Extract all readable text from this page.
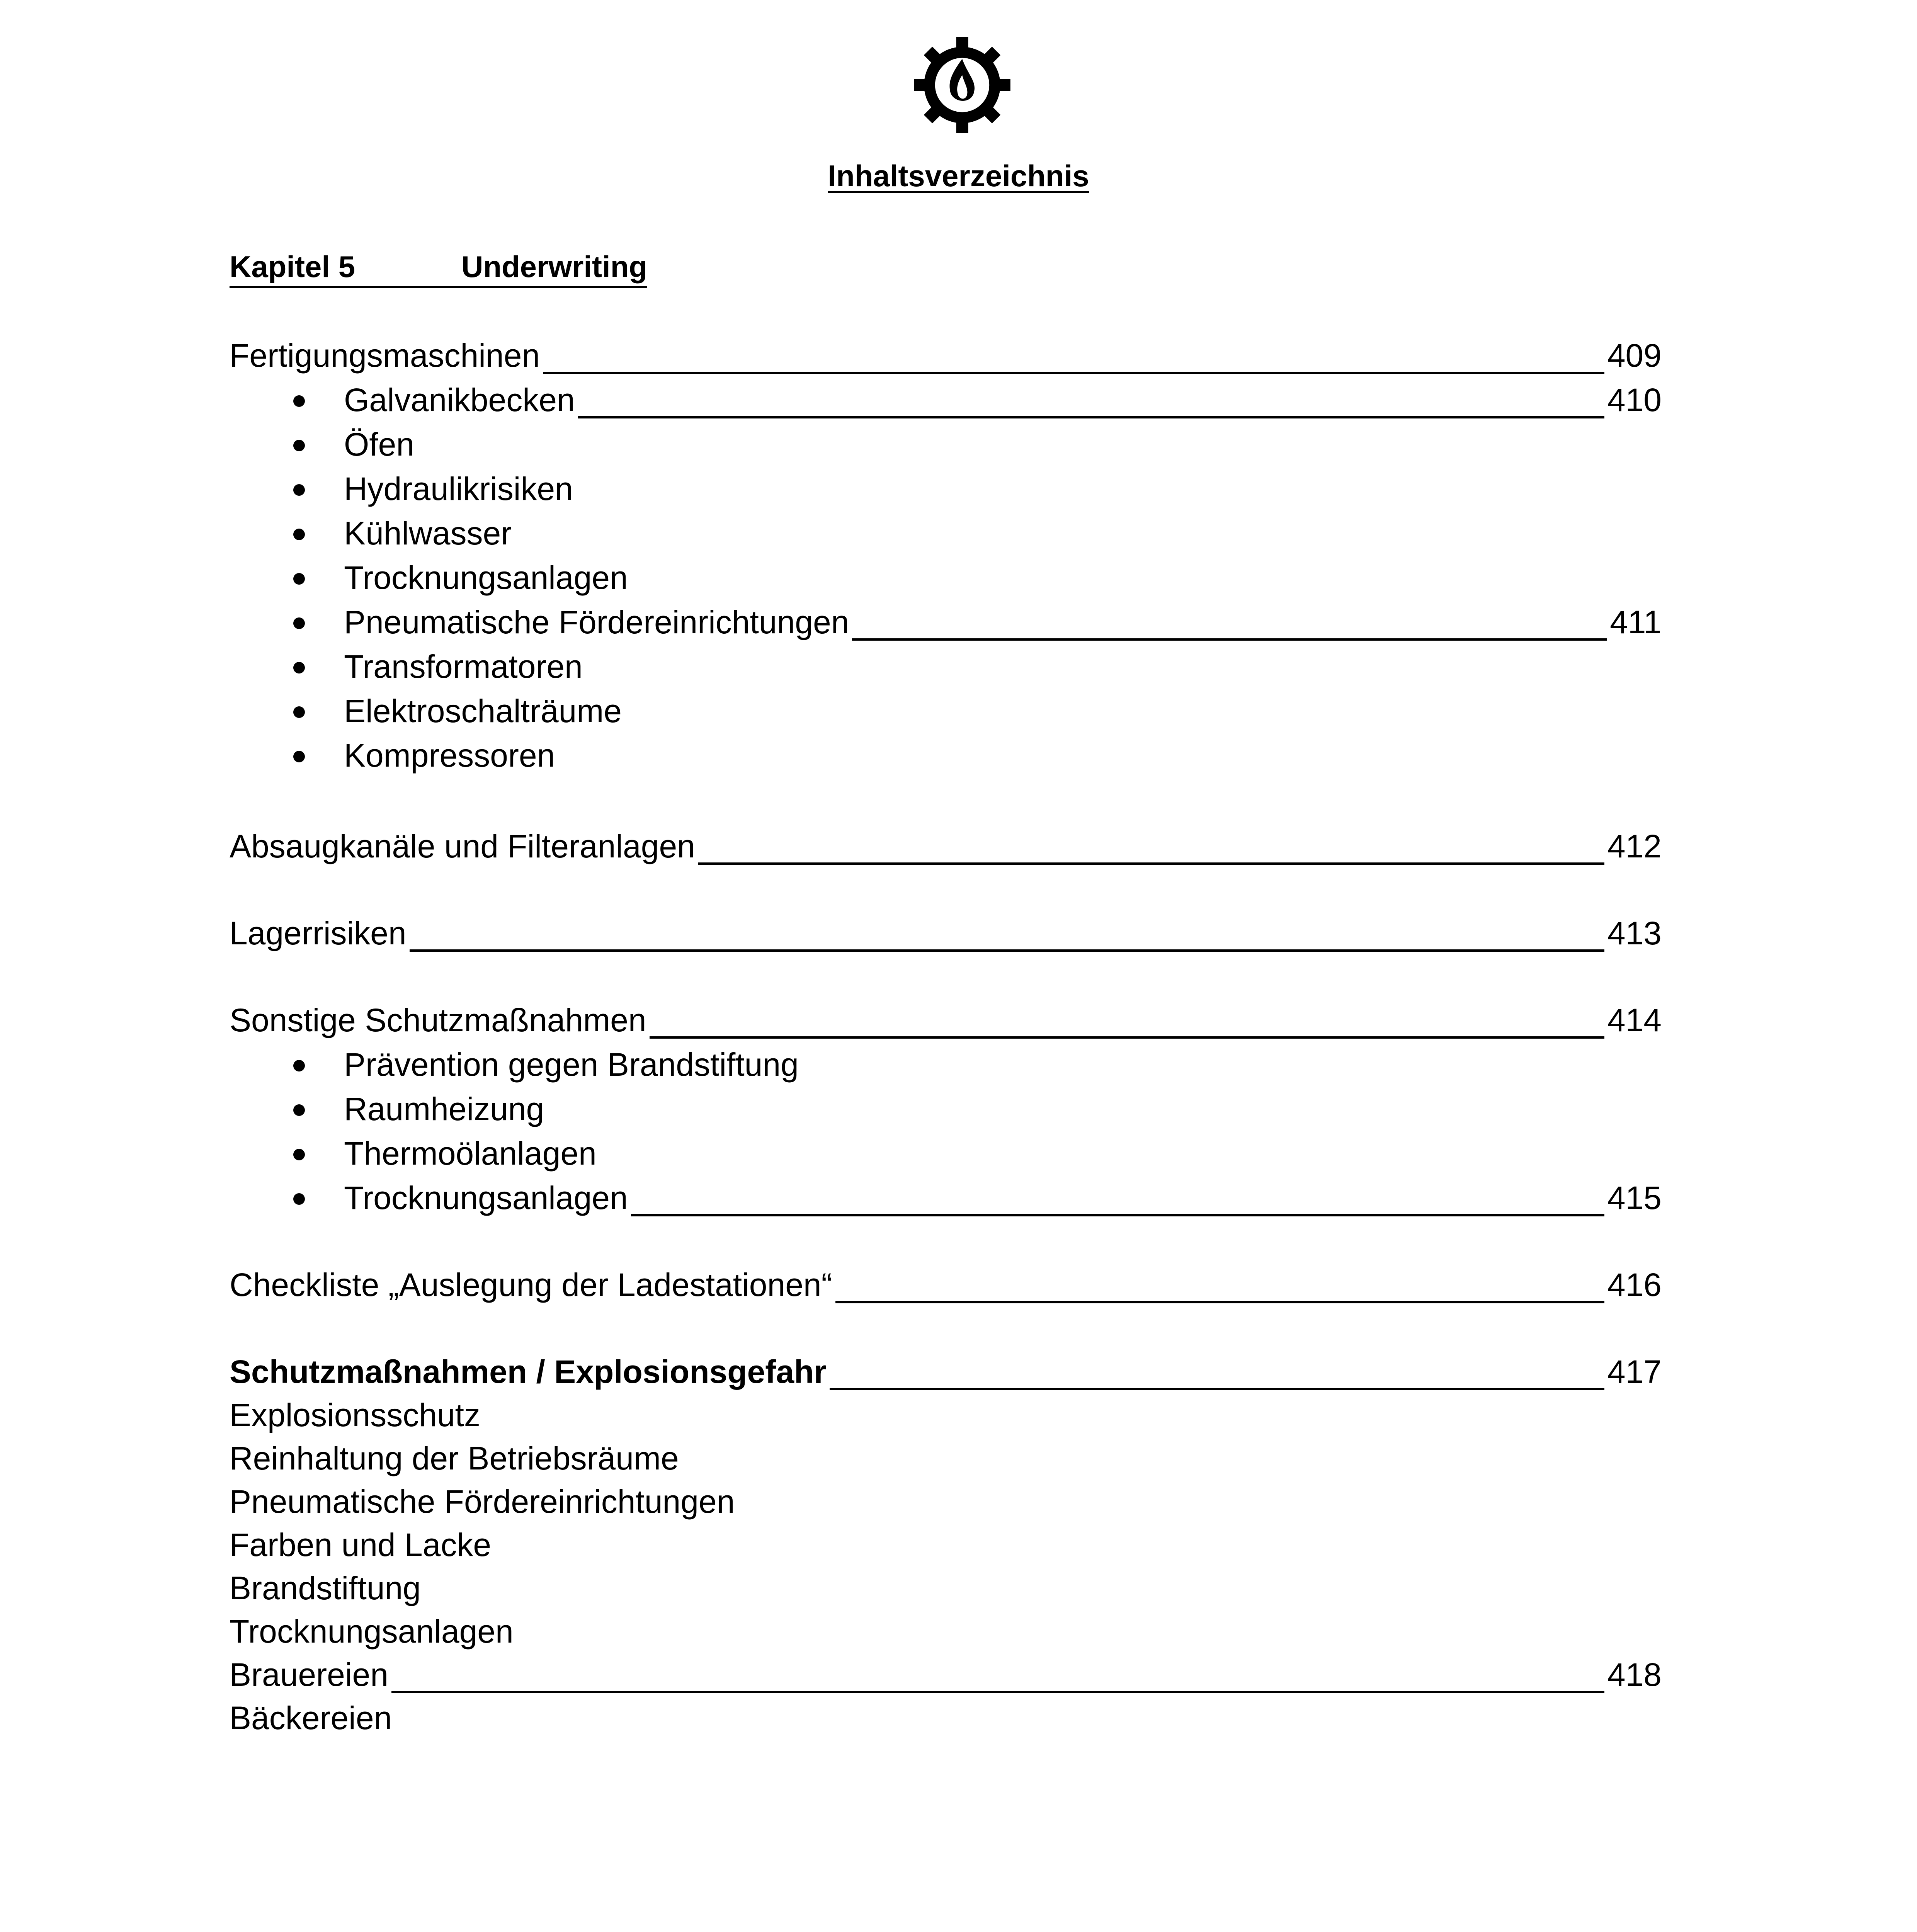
Inhaltsverzeichnis
Kapitel 5	Underwriting
Fertigungsmaschinen	409
Galvanikbecken	410
Öfen
Hydraulikrisiken
Kühlwasser
Trocknungsanlagen
Pneumatische Fördereinrichtungen	411
Transformatoren
Elektroschalträume
Kompressoren
Absaugkanäle und Filteranlagen	412
Lagerrisiken	413
Sonstige Schutzmaßnahmen	414
Prävention gegen Brandstiftung
Raumheizung
Thermoölanlagen
Trocknungsanlagen	415
Checkliste „Auslegung der Ladestationen“	416
Schutzmaßnahmen / Explosionsgefahr	417
Explosionsschutz
Reinhaltung der Betriebsräume
Pneumatische Fördereinrichtungen
Farben und Lacke
Brandstiftung
Trocknungsanlagen
Brauereien	418
Bäckereien
